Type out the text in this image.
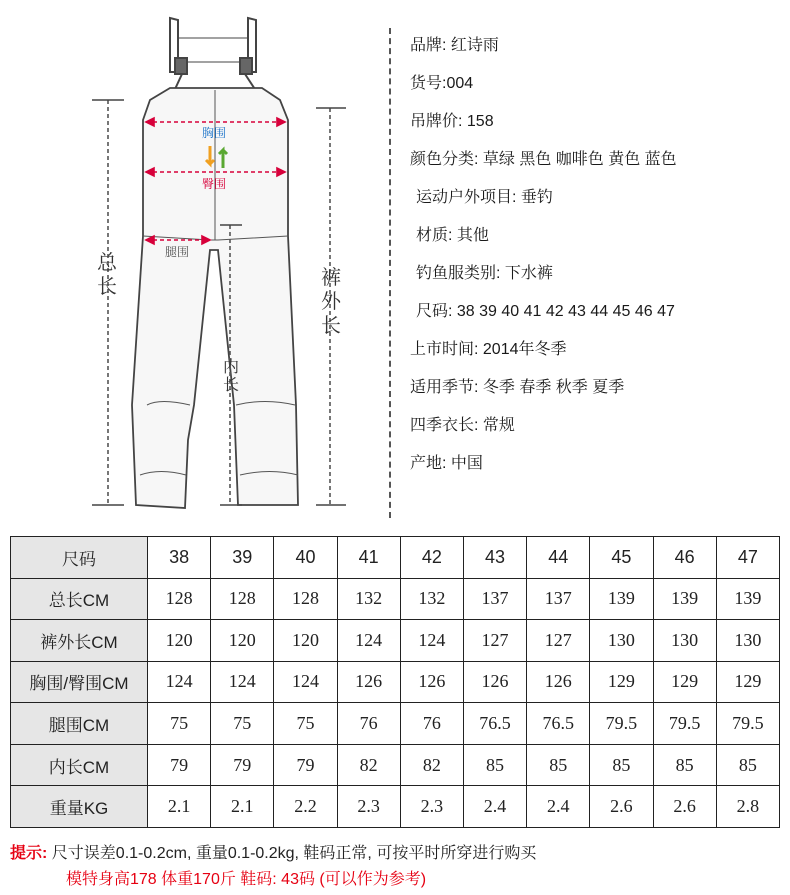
胸围
臀围
腿围
总
长	裤
外
长
内
长
品牌: 红诗雨
货号:004
吊牌价: 158
颜色分类: 草绿 黑色 咖啡色 黄色 蓝色
运动户外项目: 垂钓
材质: 其他
钓鱼服类别: 下水裤
尺码: 38 39 40 41 42 43 44 45 46 47
上市时间: 2014年冬季
适用季节: 冬季 春季 秋季 夏季
四季衣长: 常规
产地: 中国
尺码	38	39	40	41	42	43	44	45	46	47
总长CM	128	128	128	132	132	137	137	139	139	139
裤外长CM	120	120	120	124	124	127	127	130	130	130
胸围/臀围CM	124	124	124	126	126	126	126	129	129	129
腿围CM	75	75	75	76	76	76.5	76.5	79.5	79.5	79.5
内长CM	79	79	79	82	82	85	85	85	85	85
重量KG	2.1	2.1	2.2	2.3	2.3	2.4	2.4	2.6	2.6	2.8
提示: 尺寸误差0.1-0.2cm, 重量0.1-0.2kg, 鞋码正常, 可按平时所穿进行购买
模特身高178 体重170斤 鞋码: 43码 (可以作为参考)
